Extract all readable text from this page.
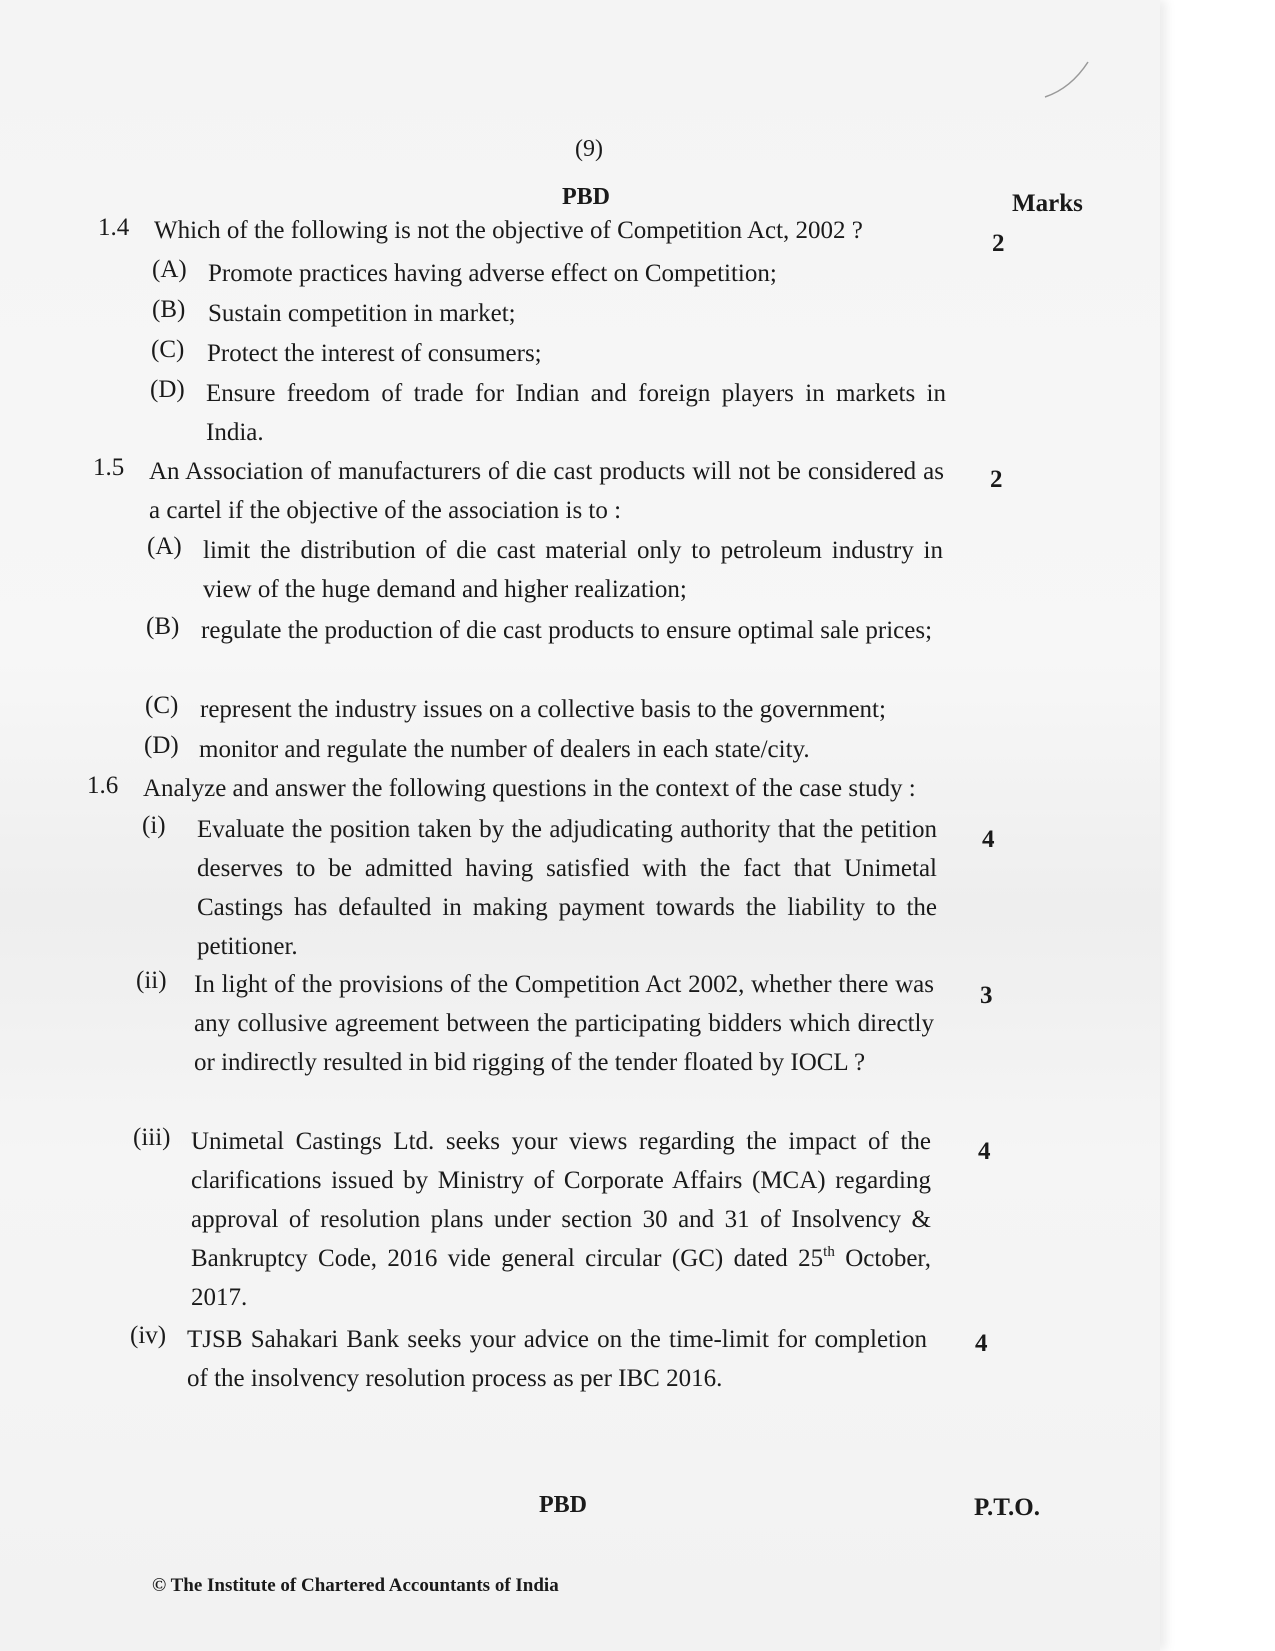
(9)
PBD	Marks
1.4 Which of the following is not the objective of Competition Act, 2002 ?	2
(A) Promote practices having adverse effect on Competition;
(B) Sustain competition in market;
(C) Protect the interest of consumers;
(D) Ensure freedom of trade for Indian and foreign players in markets in India.
1.5 An Association of manufacturers of die cast products will not be considered as a cartel if the objective of the association is to :
2
(A) limit the distribution of die cast material only to petroleum industry in view of the huge demand and higher realization;
(B) regulate the production of die cast products to ensure optimal sale prices;
(C) represent the industry issues on a collective basis to the government;
(D) monitor and regulate the number of dealers in each state/city.
1.6 Analyze and answer the following questions in the context of the case study :
(i) Evaluate the position taken by the adjudicating authority that the petition deserves to be admitted having satisfied with the fact that Unimetal Castings has defaulted in making payment towards the liability to the petitioner.
4
(ii) In light of the provisions of the Competition Act 2002, whether there was any collusive agreement between the participating bidders which directly or indirectly resulted in bid rigging of the tender floated by IOCL ?
3
(iii) Unimetal Castings Ltd. seeks your views regarding the impact of the clarifications issued by Ministry of Corporate Affairs (MCA) regarding approval of resolution plans under section 30 and 31 of Insolvency & Bankruptcy Code, 2016 vide general circular (GC) dated 25th October, 2017.
4
(iv) TJSB Sahakari Bank seeks your advice on the time-limit for completion of the insolvency resolution process as per IBC 2016.
4
PBD	P.T.O.
© The Institute of Chartered Accountants of India
